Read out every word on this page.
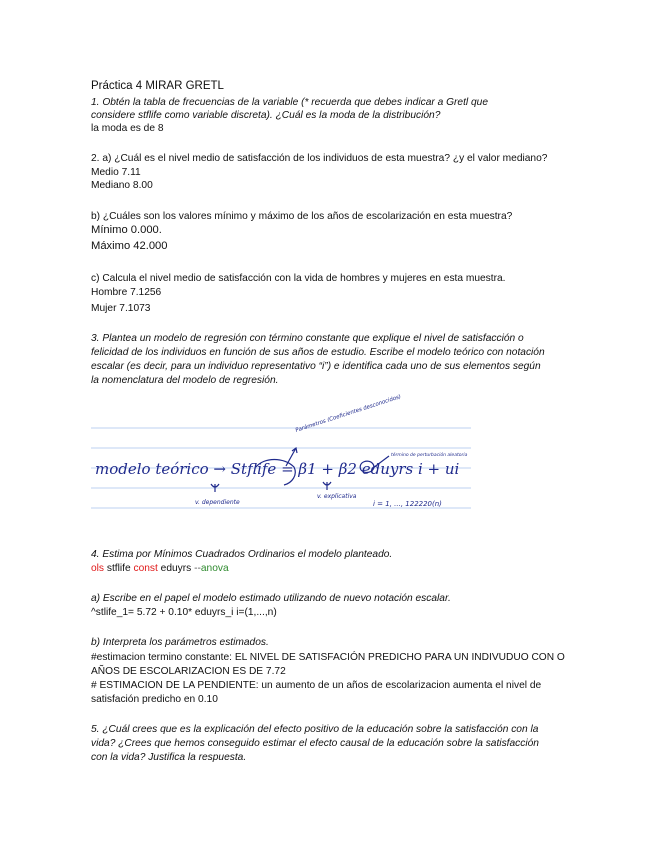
Práctica 4 MIRAR GRETL
1. Obtén la tabla de frecuencias de la variable (* recuerda que debes indicar a Gretl que
considere stflife como variable discreta). ¿Cuál es la moda de la distribución?
la moda es de 8
2. a) ¿Cuál es el nivel medio de satisfacción de los individuos de esta muestra? ¿y el valor mediano?
Medio 7.11
Mediano 8.00
b) ¿Cuáles son los valores mínimo y máximo de los años de escolarización en esta muestra?
Mínimo 0.000.
Máximo 42.000
c) Calcula el nivel medio de satisfacción con la vida de hombres y mujeres en esta muestra.
Hombre 7.1256
Mujer 7.1073
3. Plantea un modelo de regresión con término constante que explique el nivel de satisfacción o
felicidad de los individuos en función de sus años de estudio. Escribe el modelo teórico con notación
escalar (es decir, para un individuo representativo “i”) e identifica cada uno de sus elementos según
la nomenclatura del modelo de regresión.
modelo teórico → Stflife = β1 + β2 eduyrs i + ui
Parámetros (Coeficientes desconocidos)
v. dependiente
v. explicativa
término de perturbación aleatoria
i = 1, ..., 122220(n)
4. Estima por Mínimos Cuadrados Ordinarios el modelo planteado.
ols stflife const eduyrs --anova
a) Escribe en el papel el modelo estimado utilizando de nuevo notación escalar.
^stlife_1= 5.72 + 0.10* eduyrs_i i=(1,...,n)
b) Interpreta los parámetros estimados.
#estimacion termino constante: EL NIVEL DE SATISFACIÓN PREDICHO PARA UN INDIVUDUO CON O
AÑOS DE ESCOLARIZACION ES DE 7.72
# ESTIMACION DE LA PENDIENTE: un aumento de un años de escolarizacion aumenta el nivel de
satisfación predicho en 0.10
5. ¿Cuál crees que es la explicación del efecto positivo de la educación sobre la satisfacción con la
vida? ¿Crees que hemos conseguido estimar el efecto causal de la educación sobre la satisfacción
con la vida? Justifica la respuesta.
